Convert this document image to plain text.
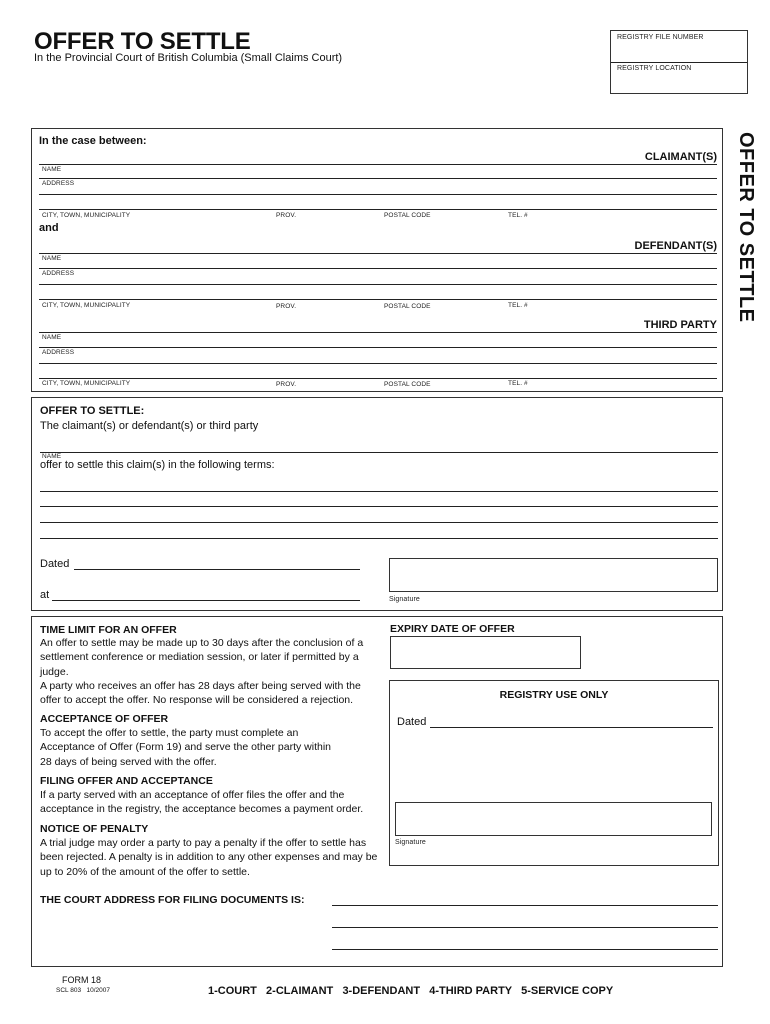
OFFER TO SETTLE
In the Provincial Court of British Columbia (Small Claims Court)
REGISTRY FILE NUMBER
REGISTRY LOCATION
OFFER TO SETTLE
In the case between:
CLAIMANT(S)
NAME
ADDRESS
CITY, TOWN, MUNICIPALITY	PROV.	POSTAL CODE	TEL. #
and
DEFENDANT(S)
NAME
ADDRESS
CITY, TOWN, MUNICIPALITY	PROV.	POSTAL CODE	TEL. #
THIRD PARTY
NAME
ADDRESS
CITY, TOWN, MUNICIPALITY	PROV.	POSTAL CODE	TEL. #
OFFER TO SETTLE:
The claimant(s) or defendant(s) or third party
NAME
offer to settle this claim(s) in the following terms:
Dated
at	Signature
TIME LIMIT FOR AN OFFER
An offer to settle may be made up to 30 days after the conclusion of a settlement conference or mediation session, or later if permitted by a judge.
A party who receives an offer has 28 days after being served with the offer to accept the offer. No response will be considered a rejection.
ACCEPTANCE OF OFFER
To accept the offer to settle, the party must complete an Acceptance of Offer (Form 19) and serve the other party within 28 days of being served with the offer.
FILING OFFER AND ACCEPTANCE
If a party served with an acceptance of offer files the offer and the acceptance in the registry, the acceptance becomes a payment order.
NOTICE OF PENALTY
A trial judge may order a party to pay a penalty if the offer to settle has been rejected. A penalty is in addition to any other expenses and may be up to 20% of the amount of the offer to settle.
EXPIRY DATE OF OFFER
REGISTRY USE ONLY
Dated
Signature
THE COURT ADDRESS FOR FILING DOCUMENTS IS:
FORM 18
SCL 803   10/2007	1-COURT   2-CLAIMANT   3-DEFENDANT   4-THIRD PARTY   5-SERVICE COPY
